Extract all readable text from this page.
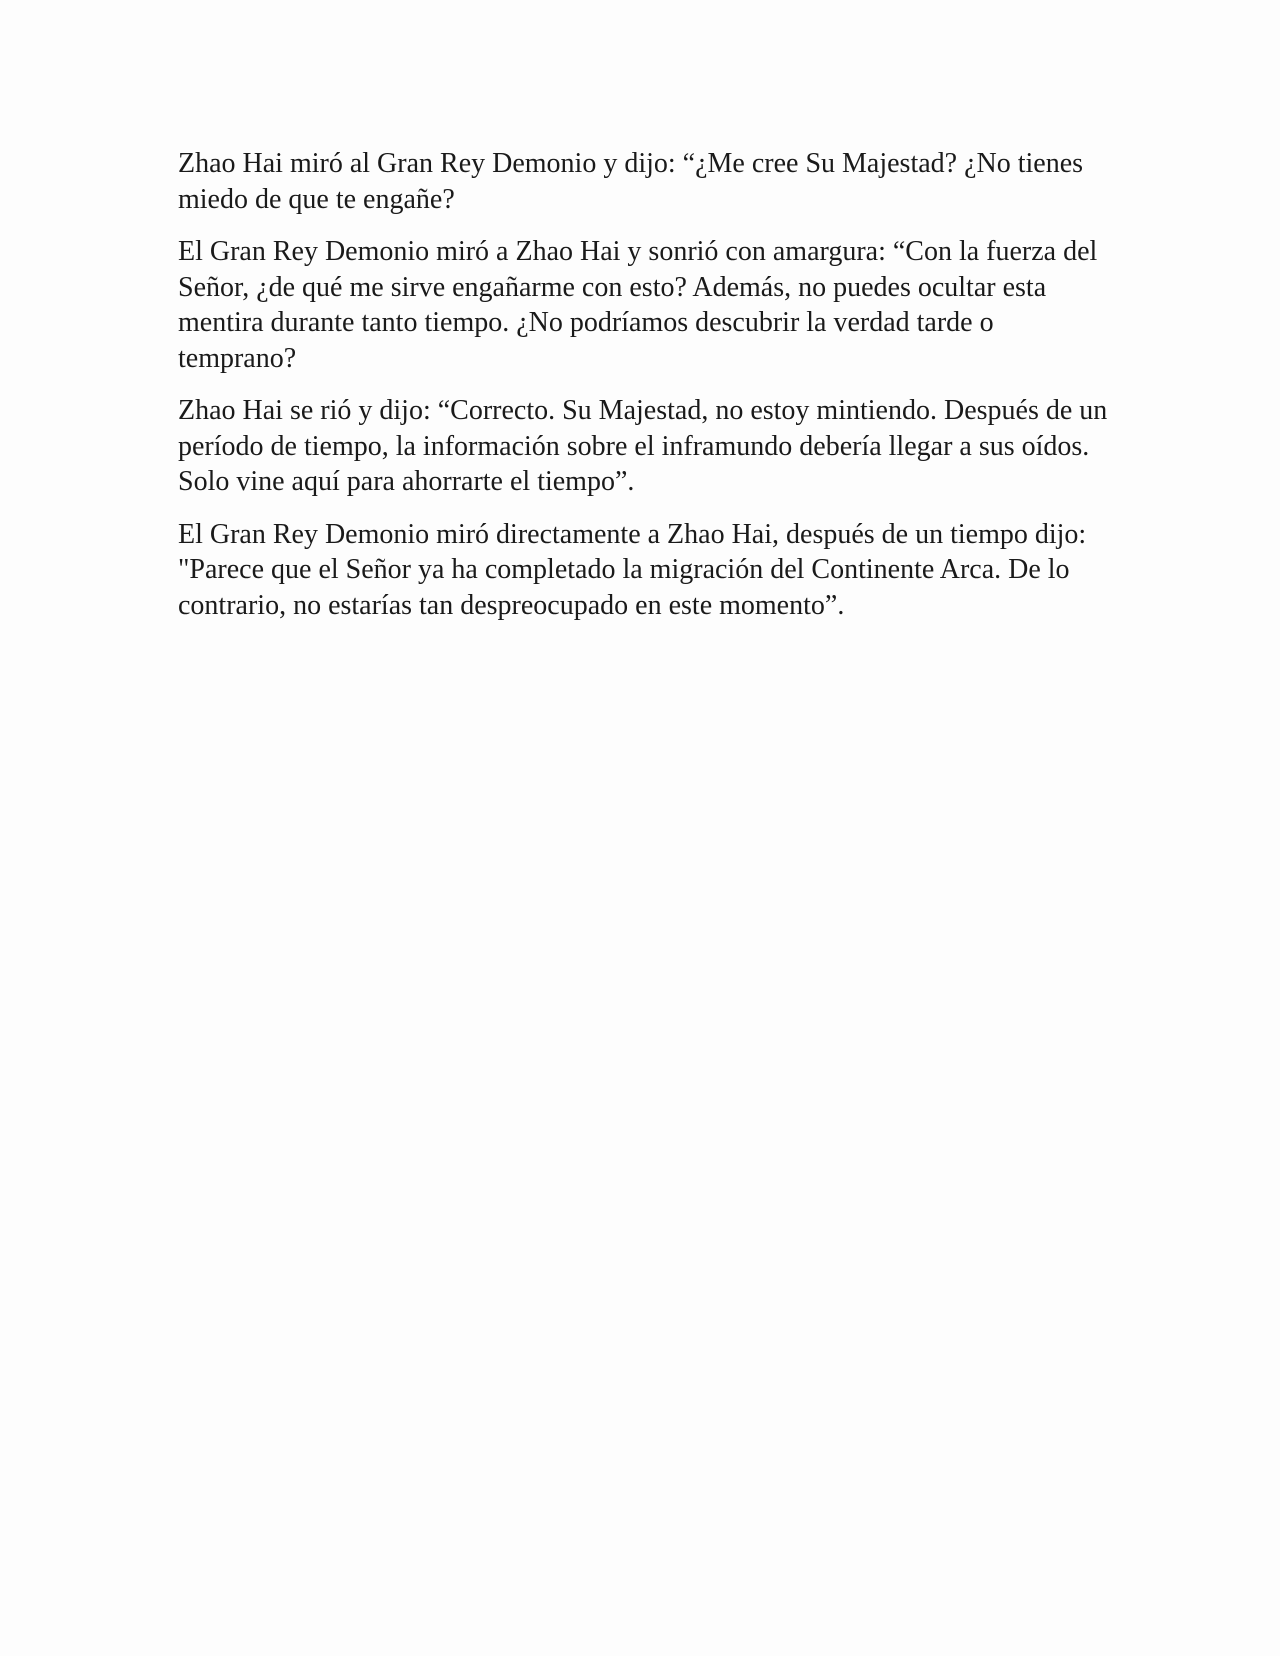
Zhao Hai miró al Gran Rey Demonio y dijo: “¿Me cree Su Majestad? ¿No tienes miedo de que te engañe?

El Gran Rey Demonio miró a Zhao Hai y sonrió con amargura: “Con la fuerza del Señor, ¿de qué me sirve engañarme con esto? Además, no puedes ocultar esta mentira durante tanto tiempo. ¿No podríamos descubrir la verdad tarde o temprano?

Zhao Hai se rió y dijo: “Correcto. Su Majestad, no estoy mintiendo. Después de un período de tiempo, la información sobre el inframundo debería llegar a sus oídos. Solo vine aquí para ahorrarte el tiempo”.

El Gran Rey Demonio miró directamente a Zhao Hai, después de un tiempo dijo: "Parece que el Señor ya ha completado la migración del Continente Arca. De lo contrario, no estarías tan despreocupado en este momento”.
